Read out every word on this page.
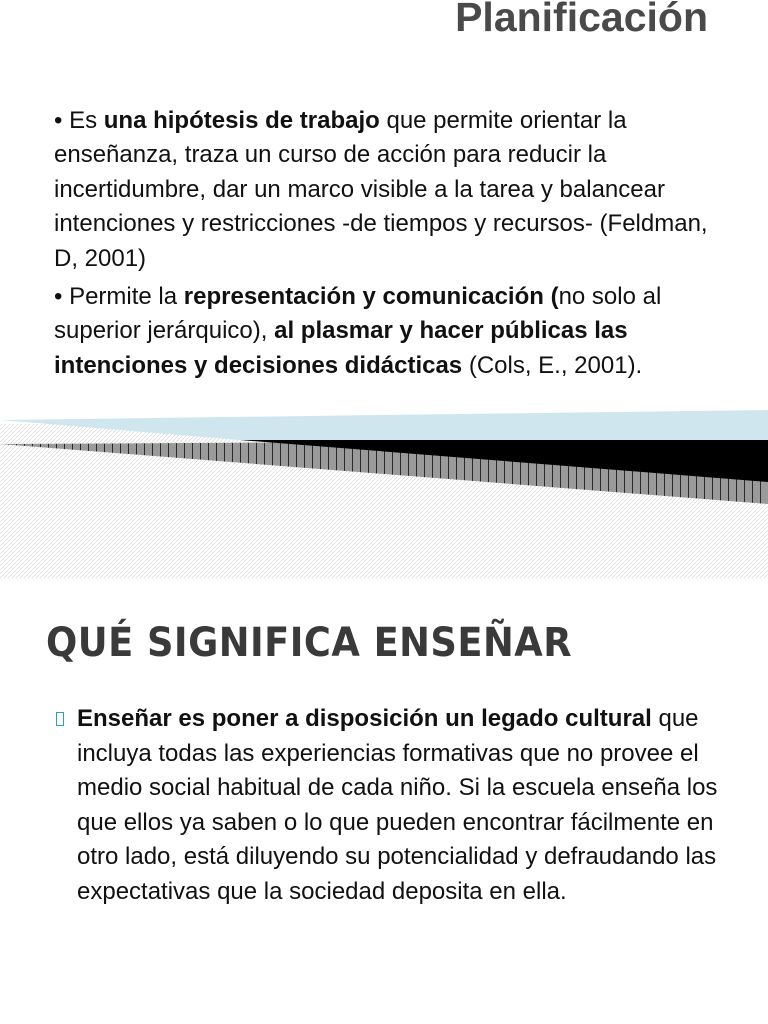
Planificación

• Es una hipótesis de trabajo que permite orientar la enseñanza, traza un curso de acción para reducir la incertidumbre, dar un marco visible a la tarea y balancear intenciones y restricciones -de tiempos y recursos- (Feldman, D, 2001)

• Permite la representación y comunicación (no solo al superior jerárquico), al plasmar y hacer públicas las intenciones y decisiones didácticas (Cols, E., 2001).

QUÉ SIGNIFICA ENSEÑAR

Enseñar es poner a disposición un legado cultural que incluya todas las experiencias formativas que no provee el medio social habitual de cada niño. Si la escuela enseña los que ellos ya saben o lo que pueden encontrar fácilmente en otro lado, está diluyendo su potencialidad y defraudando las expectativas que la sociedad deposita en ella.
